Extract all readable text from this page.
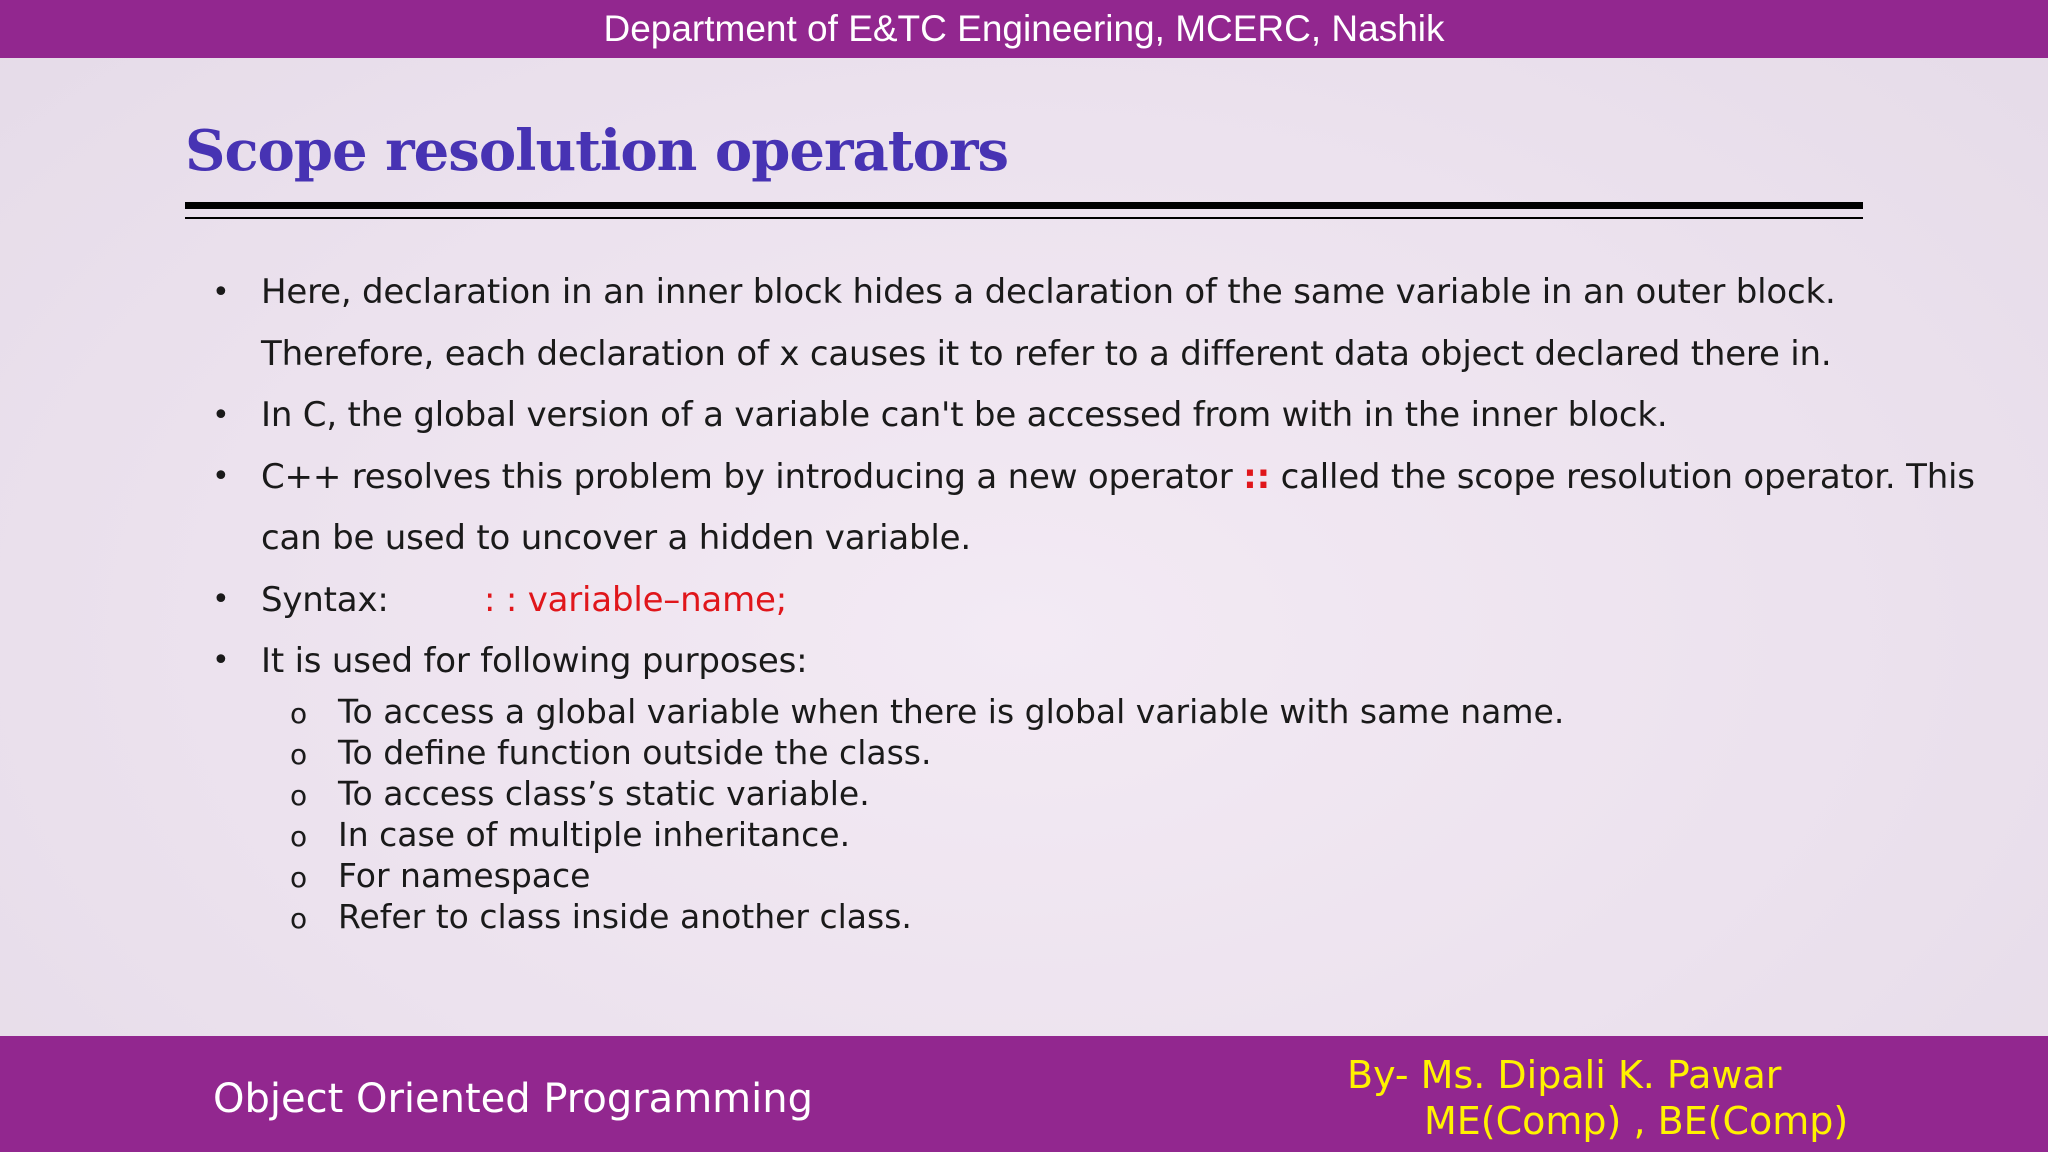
Department of E&TC Engineering, MCERC, Nashik
Scope resolution operators
• Here, declaration in an inner block hides a declaration of the same variable in an outer block.
Therefore, each declaration of x causes it to refer to a different data object declared there in.
• In C, the global version of a variable can't be accessed from with in the inner block.
• C++ resolves this problem by introducing a new operator :: called the scope resolution operator. This
can be used to uncover a hidden variable.
• Syntax:	: : variable–name;
• It is used for following purposes:
o To access a global variable when there is global variable with same name.
o To define function outside the class.
o To access class’s static variable.
o In case of multiple inheritance.
o For namespace
o Refer to class inside another class.
Object Oriented Programming
By- Ms. Dipali K. Pawar
ME(Comp) , BE(Comp)
